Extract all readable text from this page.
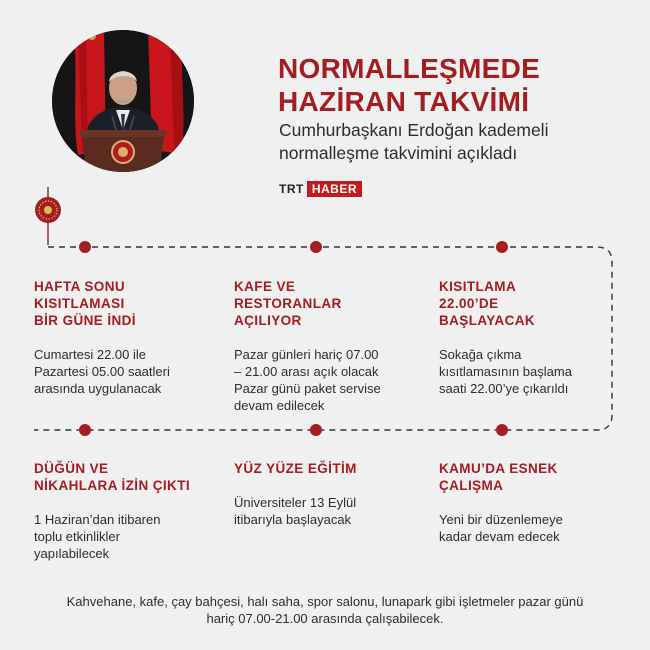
NORMALLEŞMEDE
HAZİRAN TAKVİMİ

Cumhurbaşkanı Erdoğan kademeli
normalleşme takvimini açıkladı

TRT HABER
HAFTA SONU
KISITLAMASI
BİR GÜNE İNDİ

Cumartesi 22.00 ile
Pazartesi 05.00 saatleri
arasında uygulanacak

KAFE VE
RESTORANLAR
AÇILIYOR

Pazar günleri hariç 07.00
– 21.00 arası açık olacak
Pazar günü paket servise
devam edilecek

KISITLAMA
22.00’DE
BAŞLAYACAK

Sokağa çıkma
kısıtlamasının başlama
saati 22.00’ye çıkarıldı

DÜĞÜN VE
NİKAHLARA İZİN ÇIKTI

1 Haziran’dan itibaren
toplu etkinlikler
yapılabilecek

YÜZ YÜZE EĞİTİM

Üniversiteler 13 Eylül
itibarıyla başlayacak

KAMU’DA ESNEK
ÇALIŞMA

Yeni bir düzenlemeye
kadar devam edecek

Kahvehane, kafe, çay bahçesi, halı saha, spor salonu, lunapark gibi işletmeler pazar günü
hariç 07.00-21.00 arasında çalışabilecek.
